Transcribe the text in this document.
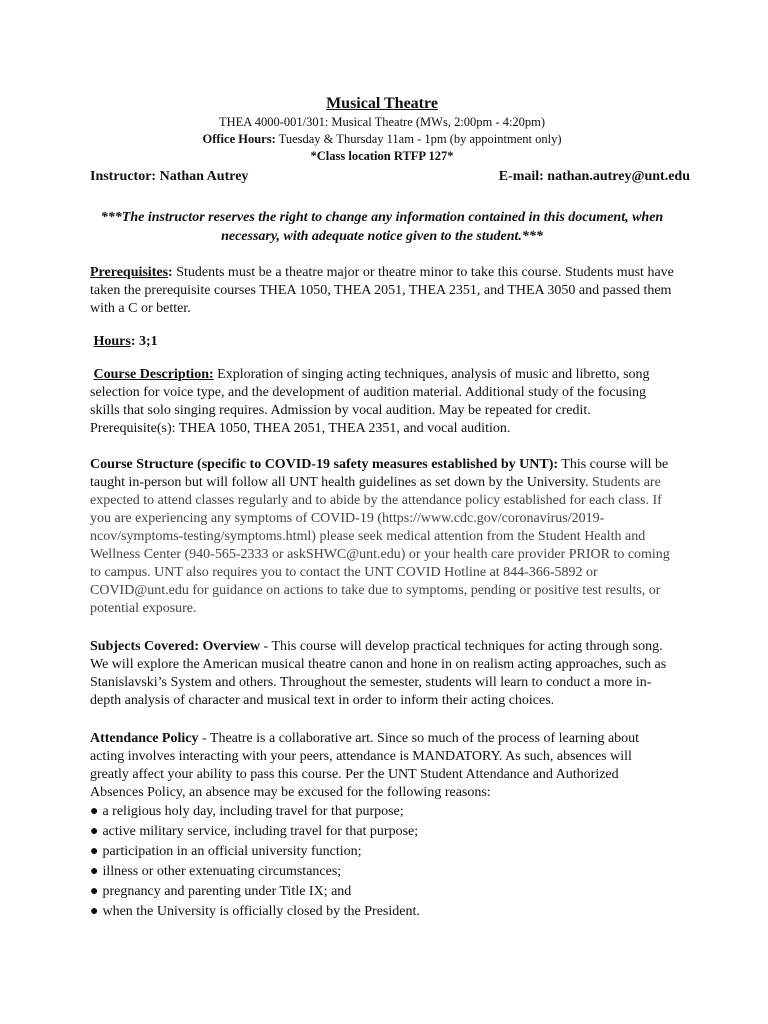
Musical Theatre
THEA 4000-001/301: Musical Theatre (MWs, 2:00pm - 4:20pm)
Office Hours: Tuesday & Thursday 11am - 1pm (by appointment only)
*Class location RTFP 127*
Instructor: Nathan Autrey	E-mail: nathan.autrey@unt.edu
***The instructor reserves the right to change any information contained in this document, when necessary, with adequate notice given to the student.***
Prerequisites: Students must be a theatre major or theatre minor to take this course. Students must have taken the prerequisite courses THEA 1050, THEA 2051, THEA 2351, and THEA 3050 and passed them with a C or better.
Hours: 3;1
Course Description: Exploration of singing acting techniques, analysis of music and libretto, song selection for voice type, and the development of audition material. Additional study of the focusing skills that solo singing requires. Admission by vocal audition. May be repeated for credit. Prerequisite(s): THEA 1050, THEA 2051, THEA 2351, and vocal audition.
Course Structure (specific to COVID-19 safety measures established by UNT): This course will be taught in-person but will follow all UNT health guidelines as set down by the University. Students are expected to attend classes regularly and to abide by the attendance policy established for each class. If you are experiencing any symptoms of COVID-19 (https://www.cdc.gov/coronavirus/2019-ncov/symptoms-testing/symptoms.html) please seek medical attention from the Student Health and Wellness Center (940-565-2333 or askSHWC@unt.edu) or your health care provider PRIOR to coming to campus. UNT also requires you to contact the UNT COVID Hotline at 844-366-5892 or COVID@unt.edu for guidance on actions to take due to symptoms, pending or positive test results, or potential exposure.
Subjects Covered: Overview - This course will develop practical techniques for acting through song. We will explore the American musical theatre canon and hone in on realism acting approaches, such as Stanislavski’s System and others. Throughout the semester, students will learn to conduct a more in-depth analysis of character and musical text in order to inform their acting choices.
Attendance Policy - Theatre is a collaborative art. Since so much of the process of learning about acting involves interacting with your peers, attendance is MANDATORY. As such, absences will greatly affect your ability to pass this course. Per the UNT Student Attendance and Authorized Absences Policy, an absence may be excused for the following reasons:
● a religious holy day, including travel for that purpose;
● active military service, including travel for that purpose;
● participation in an official university function;
● illness or other extenuating circumstances;
● pregnancy and parenting under Title IX; and
● when the University is officially closed by the President.
